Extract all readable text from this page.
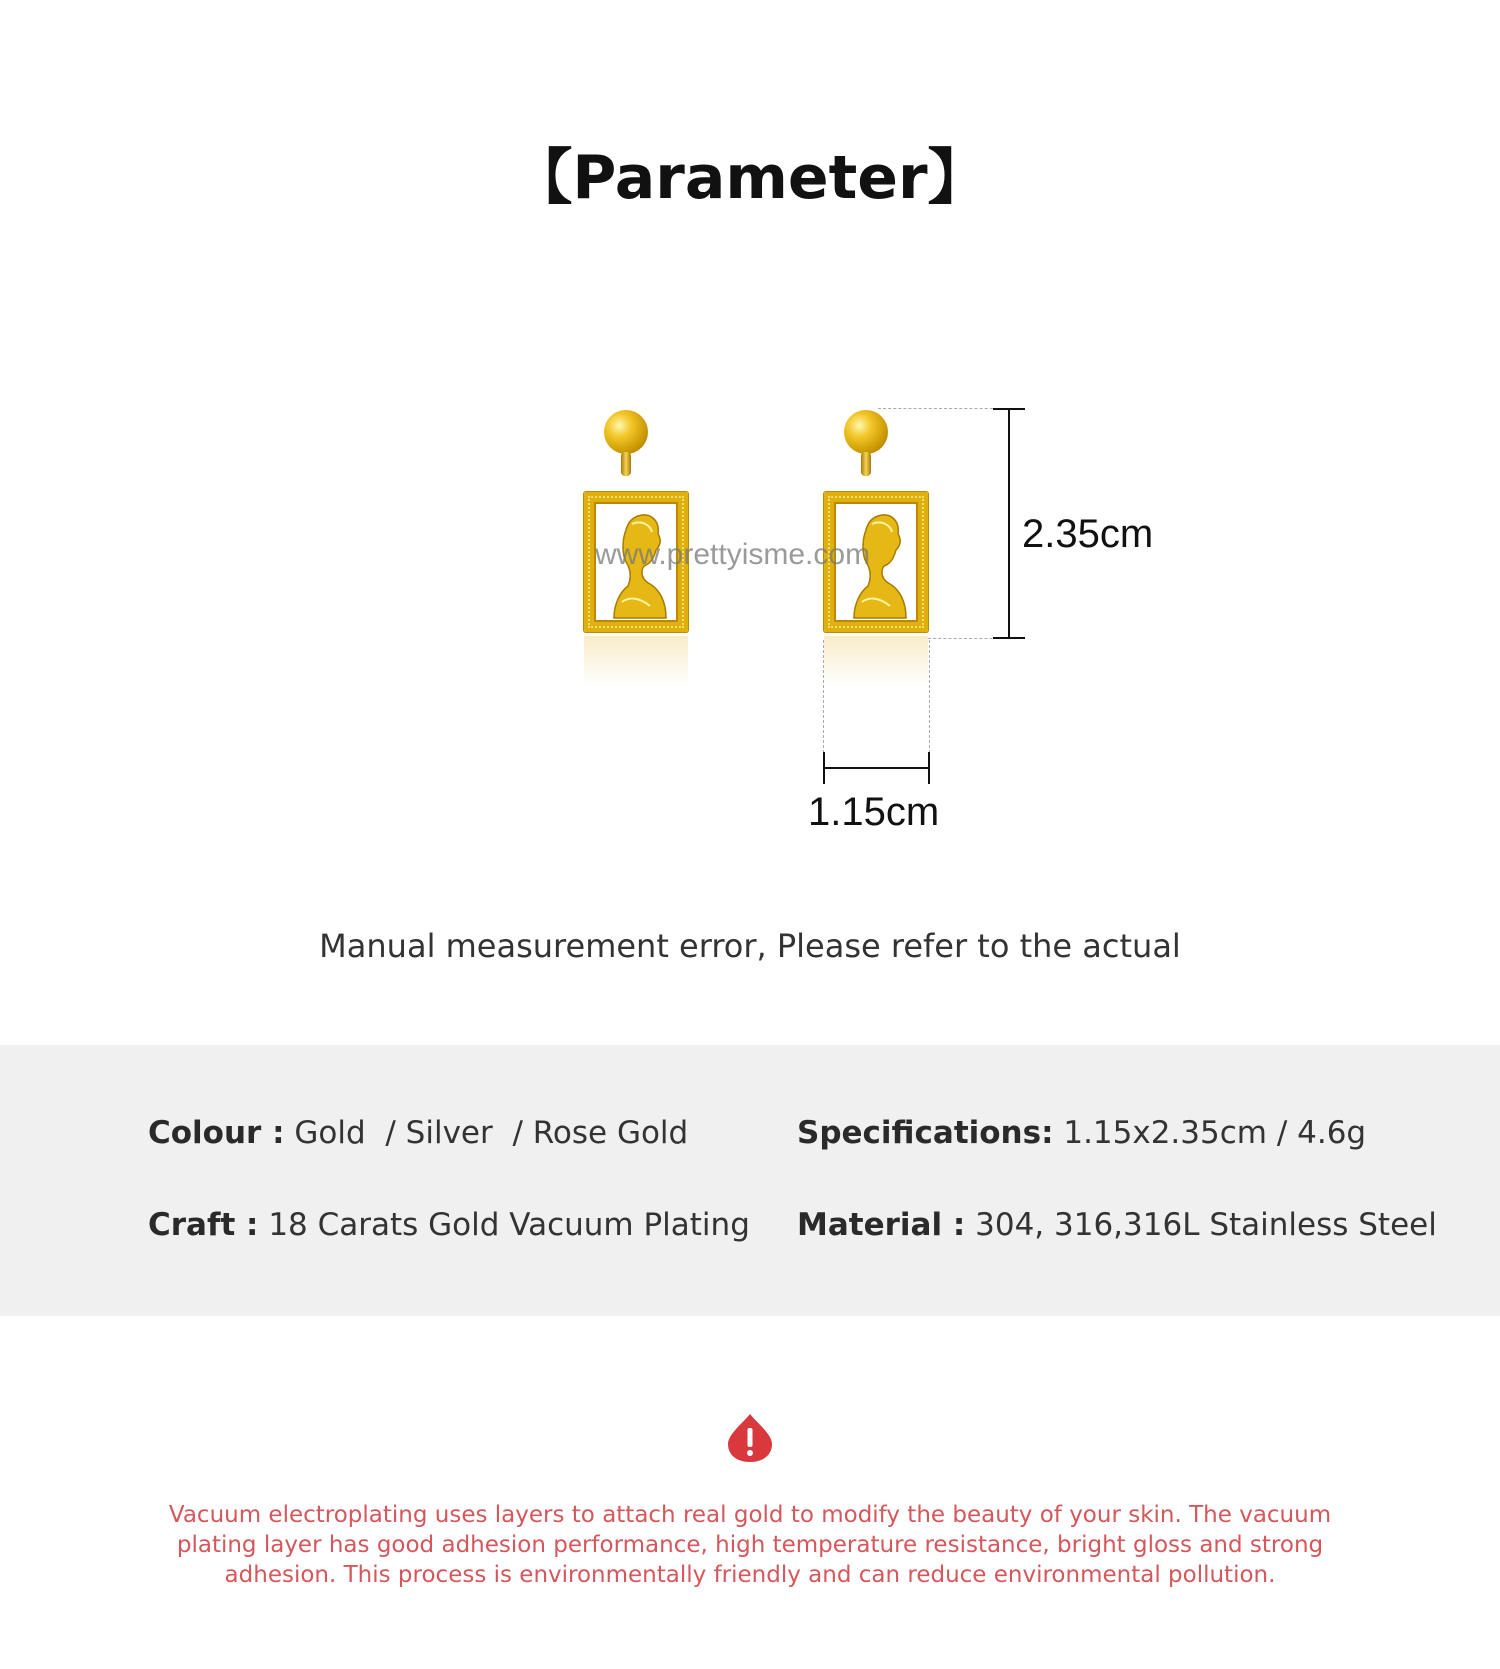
【Parameter】
www.prettyisme.com	2.35cm
1.15cm
Manual measurement error, Please refer to the actual
Colour : Gold  / Silver  / Rose Gold	Specifications: 1.15x2.35cm / 4.6g
Craft : 18 Carats Gold Vacuum Plating Material : 304, 316,316L Stainless Steel
Vacuum electroplating uses layers to attach real gold to modify the beauty of your skin. The vacuum plating layer has good adhesion performance, high temperature resistance, bright gloss and strong adhesion. This process is environmentally friendly and can reduce environmental pollution.
